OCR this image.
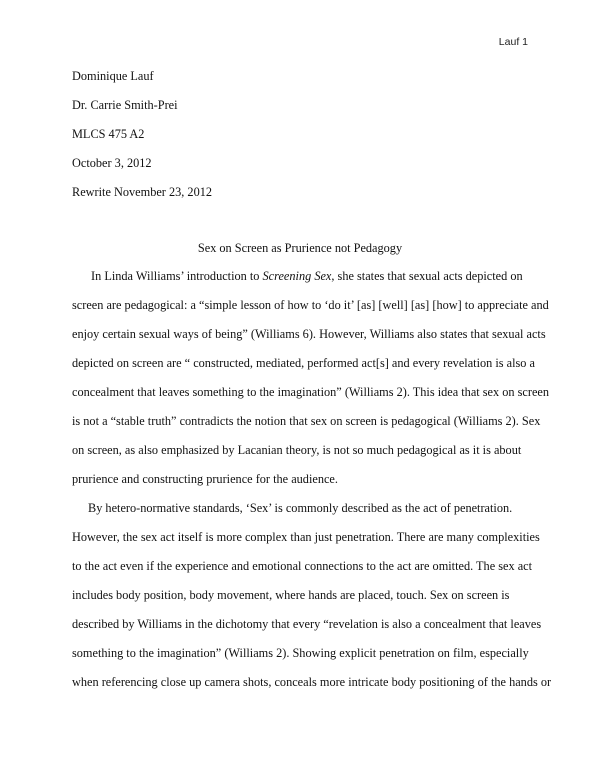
Lauf 1
Dominique Lauf
Dr. Carrie Smith-Prei
MLCS 475 A2
October 3, 2012
Rewrite November 23, 2012
Sex on Screen as Prurience not Pedagogy
In Linda Williams’ introduction to Screening Sex, she states that sexual acts depicted on
screen are pedagogical: a “simple lesson of how to ‘do it’ [as] [well] [as] [how] to appreciate and
enjoy certain sexual ways of being” (Williams 6). However, Williams also states that sexual acts
depicted on screen are “ constructed, mediated, performed act[s] and every revelation is also a
concealment that leaves something to the imagination” (Williams 2). This idea that sex on screen
is not a “stable truth” contradicts the notion that sex on screen is pedagogical (Williams 2). Sex
on screen, as also emphasized by Lacanian theory, is not so much pedagogical as it is about
prurience and constructing prurience for the audience.
By hetero-normative standards, ‘Sex’ is commonly described as the act of penetration.
However, the sex act itself is more complex than just penetration. There are many complexities
to the act even if the experience and emotional connections to the act are omitted. The sex act
includes body position, body movement, where hands are placed, touch. Sex on screen is
described by Williams in the dichotomy that every “revelation is also a concealment that leaves
something to the imagination” (Williams 2). Showing explicit penetration on film, especially
when referencing close up camera shots, conceals more intricate body positioning of the hands or
